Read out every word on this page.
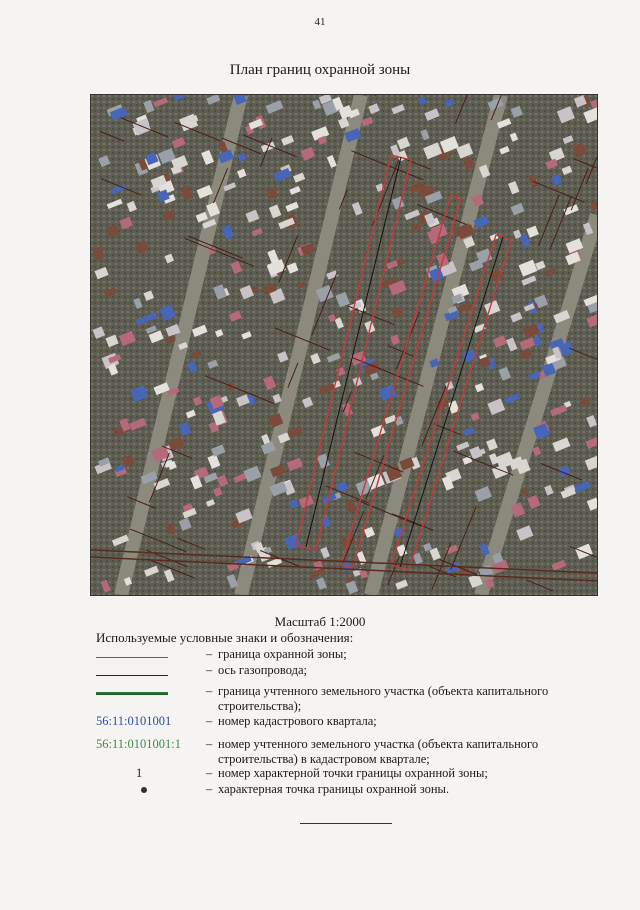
41
План границ охранной зоны
Масштаб 1:2000
Используемые условные знаки и обозначения:
– граница охранной зоны;
– ось газопровода;
– граница учтенного земельного участка (объекта капитального строительства);
56:11:0101001	– номер кадастрового квартала;
56:11:0101001:1	– номер учтенного земельного участка (объекта капитального строительства) в кадастровом квартале;
1	– номер характерной точки границы охранной зоны;
– характерная точка границы охранной зоны.
